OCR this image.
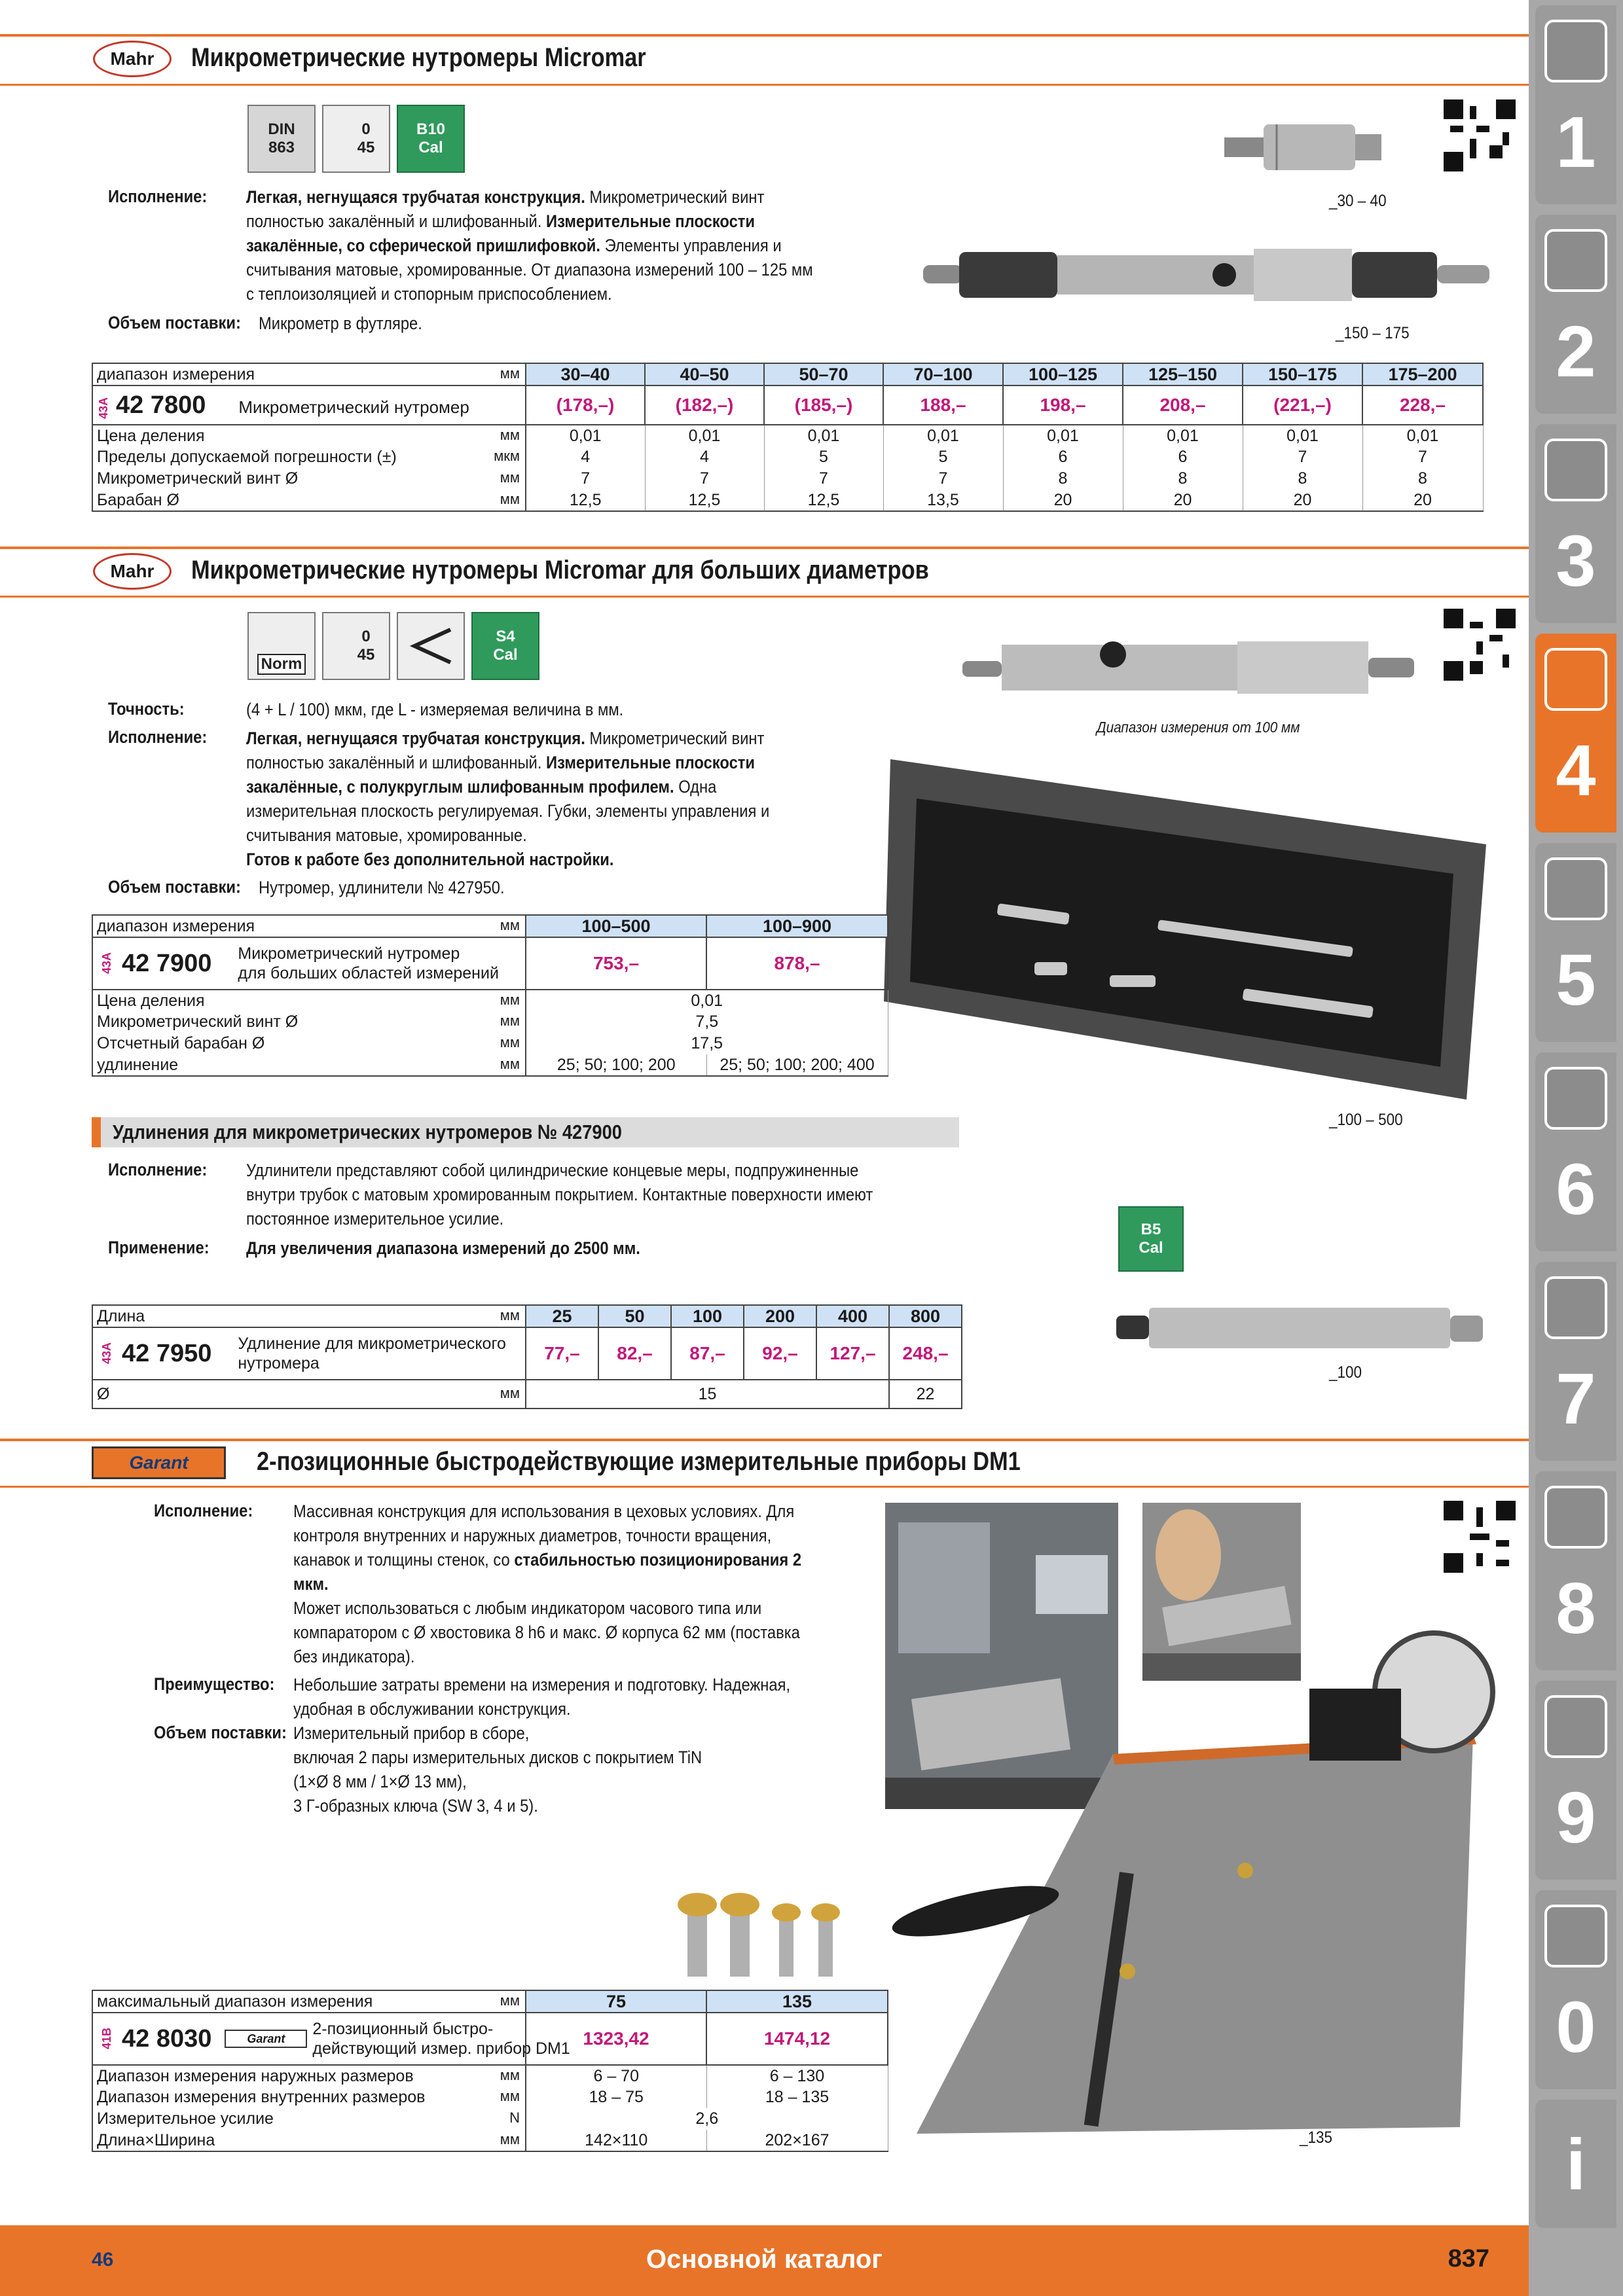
Mahr Микрометрические нутромеры Micromar
DIN
863
0
45
B10
Cal
Исполнение: Легкая, негнущаяся трубчатая конструкция. Микрометрический винт полностью закалённый и шлифованный. Измерительные плоскости закалённые, со сферической пришлифовкой. Элементы управления и считывания матовые, хромированные. От диапазона измерений 100 – 125 мм с теплоизоляцией и стопорным приспособлением.
Объем поставки: Микрометр в футляре.
_30 – 40
_150 – 175
диапазон измерения мм	30–40	40–50	50–70	70–100	100–125	125–150	150–175	175–200
43A 42 7800 Микрометрический нутромер	(178,–)	(182,–)	(185,–)	188,–	198,–	208,–	(221,–)	228,–
Цена деления мм	0,01	0,01	0,01	0,01	0,01	0,01	0,01	0,01
Пределы допускаемой погрешности (±) мкм	4	4	5	5	6	6	7	7
Микрометрический винт Ø мм	7	7	7	7	8	8	8	8
Барабан Ø мм	12,5	12,5	12,5	13,5	20	20	20	20
Mahr Микрометрические нутромеры Micromar для больших диаметров
Norm
0
45
S4
Cal
Точность:	(4 + L / 100) мкм, где L - измеряемая величина в мм.
Исполнение: Легкая, негнущаяся трубчатая конструкция. Микрометрический винт полностью закалённый и шлифованный. Измерительные плоскости закалённые, с полукруглым шлифованным профилем. Одна измерительная плоскость регулируемая. Губки, элементы управления и считывания матовые, хромированные.
Готов к работе без дополнительной настройки.
Объем поставки: Нутромер, удлинители № 427950.
Диапазон измерения от 100 мм
_100 – 500
диапазон измерения мм	100–500	100–900
43A 42 7900 Микрометрический нутромер
для больших областей измерений	753,–	878,–
Цена деления мм	0,01	
Микрометрический винт Ø мм	7,5	
Отсчетный барабан Ø мм	17,5	
удлинение мм	25; 50; 100; 200	25; 50; 100; 200; 400
Удлинения для микрометрических нутромеров № 427900
Исполнение: Удлинители представляют собой цилиндрические концевые меры, подпружиненные внутри трубок с матовым хромированным покрытием. Контактные поверхности имеют постоянное измерительное усилие.
Применение: Для увеличения диапазона измерений до 2500 мм.
B5
Cal
_100
Длина мм	25	50	100	200	400	800
43A 42 7950 Удлинение для микрометрического
нутромера	77,–	82,–	87,–	92,–	127,–	248,–
Ø мм	15					22
Garant	2-позиционные быстродействующие измерительные приборы DM1
Исполнение: Массивная конструкция для использования в цеховых условиях. Для контроля внутренних и наружных диаметров, точности вращения, канавок и толщины стенок, со стабильностью позиционирования 2 мкм.
Может использоваться с любым индикатором часового типа или компаратором с Ø хвостовика 8 h6 и макс. Ø корпуса 62 мм (поставка без индикатора).
Преимущество: Небольшие затраты времени на измерения и подготовку. Надежная, удобная в обслуживании конструкция.
Объем поставки: Измерительный прибор в сборе,
включая 2 пары измерительных дисков с покрытием TiN
(1×Ø 8 мм / 1×Ø 13 мм),
3 Г-образных ключа (SW 3, 4 и 5).
_135
максимальный диапазон измерения мм	75	135
41B 42 8030 Garant2-позиционный быстро-
действующий измер. прибор DM1	1323,42	1474,12
Диапазон измерения наружных размеров мм	6 – 70	6 – 130
Диапазон измерения внутренних размеров мм	18 – 75	18 – 135
Измерительное усилие N	2,6	
Длина×Ширина мм	142×110	202×167
46	Основной каталог	837
1
2
3
4
5
6
7
8
9
0
i
